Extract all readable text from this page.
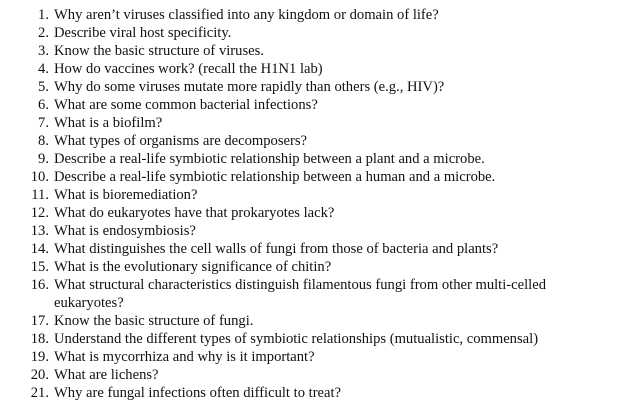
1. Why aren’t viruses classified into any kingdom or domain of life?
2. Describe viral host specificity.
3. Know the basic structure of viruses.
4. How do vaccines work? (recall the H1N1 lab)
5. Why do some viruses mutate more rapidly than others (e.g., HIV)?
6. What are some common bacterial infections?
7. What is a biofilm?
8. What types of organisms are decomposers?
9. Describe a real-life symbiotic relationship between a plant and a microbe.
10. Describe a real-life symbiotic relationship between a human and a microbe.
11. What is bioremediation?
12. What do eukaryotes have that prokaryotes lack?
13. What is endosymbiosis?
14. What distinguishes the cell walls of fungi from those of bacteria and plants?
15. What is the evolutionary significance of chitin?
16. What structural characteristics distinguish filamentous fungi from other multi-celled eukaryotes?
17. Know the basic structure of fungi.
18. Understand the different types of symbiotic relationships (mutualistic, commensal)
19. What is mycorrhiza and why is it important?
20. What are lichens?
21. Why are fungal infections often difficult to treat?
